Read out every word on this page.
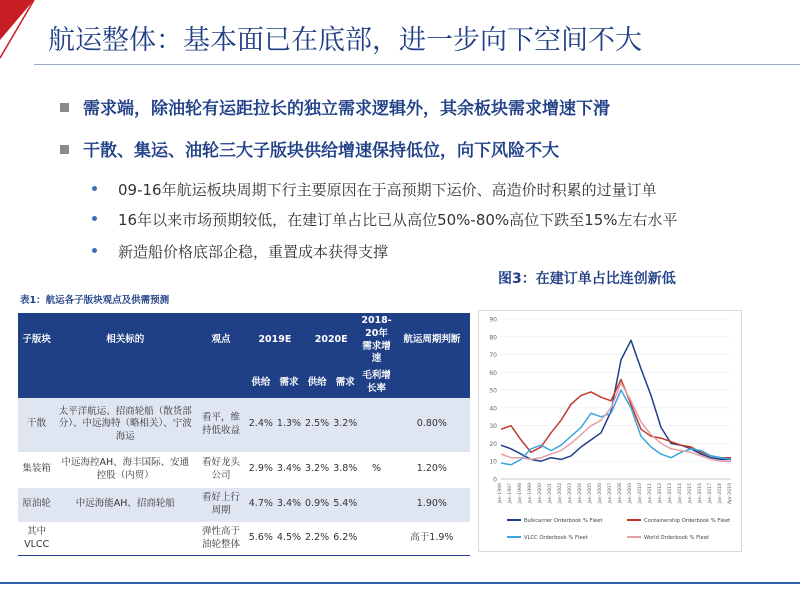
航运整体：基本面已在底部，进一步向下空间不大
需求端，除油轮有运距拉长的独立需求逻辑外，其余板块需求增速下滑
干散、集运、油轮三大子版块供给增速保持低位，向下风险不大
09-16年航运板块周期下行主要原因在于高预期下运价、高造价时积累的过量订单
16年以来市场预期较低，在建订单占比已从高位50%-80%高位下跌至15%左右水平
新造船价格底部企稳，重置成本获得支撑
图3：在建订单占比连创新低
表1：航运各子版块观点及供需预测
子版块	相关标的	观点	2019E		2020E		2018-20年需求增速	航运周期判断
			供给	需求	供给	需求	毛利增长率	
干散	太平洋航运、招商轮船（散货部分）、中远海特（略相关）、宁波海运	看平，维持低收益	2.4%	1.3%	2.5%	3.2%		0.80%
集装箱	中远海控AH、海丰国际、安通控股（内贸）	看好龙头公司	2.9%	3.4%	3.2%	3.8%	%	1.20%
原油轮	中远海能AH、招商轮船	看好上行周期	4.7%	3.4%	0.9%	5.4%		1.90%
其中VLCC		弹性高于油轮整体	5.6%	4.5%	2.2%	6.2%		高于1.9%
0
10
20
30
40
50
60
70
80
90
Jan-1996 Jan-1997 Jan-1998 Jan-1999 Jan-2000 Jan-2001 Jan-2002 Jan-2003 Jan-2004 Jan-2005 Jan-2006 Jan-2007 Jan-2008 Jan-2009 Jan-2010 Jan-2011 Jan-2012 Jan-2013 Jan-2014 Jan-2015 Jan-2016 Jan-2017 Jan-2018 Apr-2019
Bulkcarrier Orderbook % Fleet	Containership Orderbook % Fleet
VLCC Orderbook % Fleet	World Orderbook % Fleet
